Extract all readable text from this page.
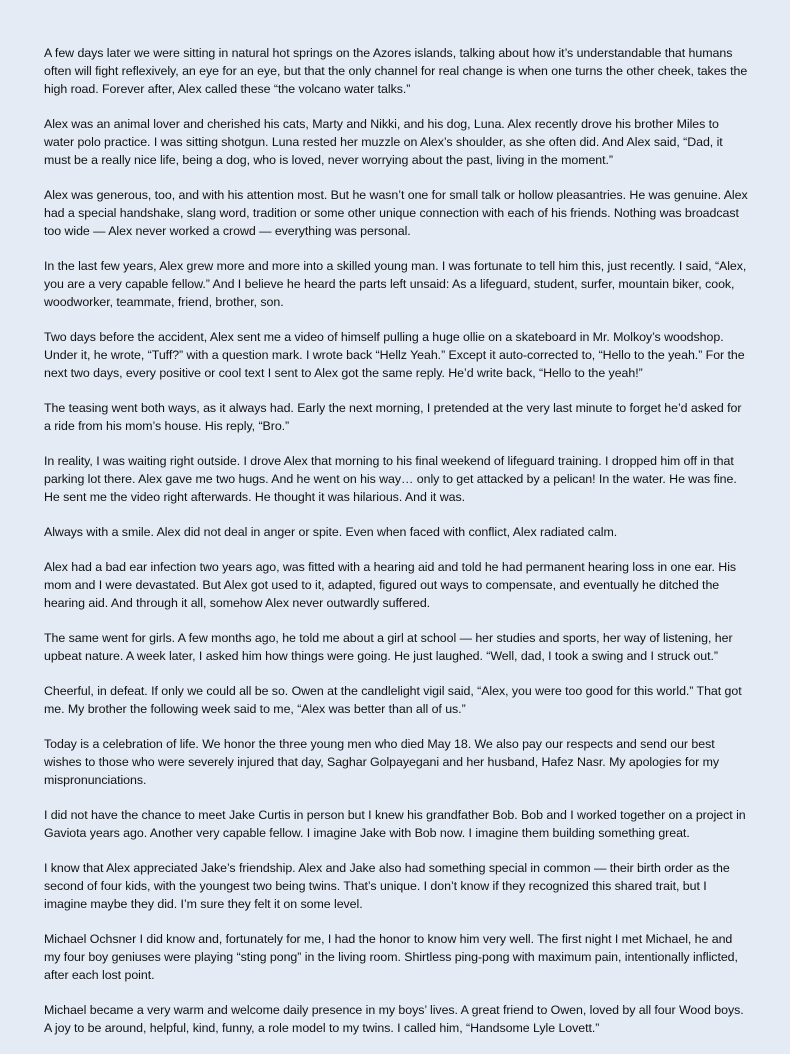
A few days later we were sitting in natural hot springs on the Azores islands, talking about how it’s understandable that humans often will fight reflexively, an eye for an eye, but that the only channel for real change is when one turns the other cheek, takes the high road. Forever after, Alex called these “the volcano water talks.”

Alex was an animal lover and cherished his cats, Marty and Nikki, and his dog, Luna. Alex recently drove his brother Miles to water polo practice. I was sitting shotgun. Luna rested her muzzle on Alex’s shoulder, as she often did. And Alex said, “Dad, it must be a really nice life, being a dog, who is loved, never worrying about the past, living in the moment.”

Alex was generous, too, and with his attention most. But he wasn’t one for small talk or hollow pleasantries. He was genuine. Alex had a special handshake, slang word, tradition or some other unique connection with each of his friends. Nothing was broadcast too wide — Alex never worked a crowd — everything was personal.

In the last few years, Alex grew more and more into a skilled young man. I was fortunate to tell him this, just recently. I said, “Alex, you are a very capable fellow.” And I believe he heard the parts left unsaid: As a lifeguard, student, surfer, mountain biker, cook, woodworker, teammate, friend, brother, son.

Two days before the accident, Alex sent me a video of himself pulling a huge ollie on a skateboard in Mr. Molkoy’s woodshop. Under it, he wrote, “Tuff?” with a question mark. I wrote back “Hellz Yeah.” Except it auto-corrected to, “Hello to the yeah.” For the next two days, every positive or cool text I sent to Alex got the same reply. He’d write back, “Hello to the yeah!”

The teasing went both ways, as it always had. Early the next morning, I pretended at the very last minute to forget he’d asked for a ride from his mom’s house. His reply, “Bro.”

In reality, I was waiting right outside. I drove Alex that morning to his final weekend of lifeguard training. I dropped him off in that parking lot there. Alex gave me two hugs. And he went on his way… only to get attacked by a pelican! In the water. He was fine. He sent me the video right afterwards. He thought it was hilarious. And it was.

Always with a smile. Alex did not deal in anger or spite. Even when faced with conflict, Alex radiated calm.

Alex had a bad ear infection two years ago, was fitted with a hearing aid and told he had permanent hearing loss in one ear. His mom and I were devastated. But Alex got used to it, adapted, figured out ways to compensate, and eventually he ditched the hearing aid. And through it all, somehow Alex never outwardly suffered.

The same went for girls. A few months ago, he told me about a girl at school — her studies and sports, her way of listening, her upbeat nature. A week later, I asked him how things were going. He just laughed. “Well, dad, I took a swing and I struck out.”

Cheerful, in defeat. If only we could all be so. Owen at the candlelight vigil said, “Alex, you were too good for this world.” That got me. My brother the following week said to me, “Alex was better than all of us.”

Today is a celebration of life. We honor the three young men who died May 18. We also pay our respects and send our best wishes to those who were severely injured that day, Saghar Golpayegani and her husband, Hafez Nasr. My apologies for my mispronunciations.

I did not have the chance to meet Jake Curtis in person but I knew his grandfather Bob. Bob and I worked together on a project in Gaviota years ago. Another very capable fellow. I imagine Jake with Bob now. I imagine them building something great.

I know that Alex appreciated Jake’s friendship. Alex and Jake also had something special in common — their birth order as the second of four kids, with the youngest two being twins. That’s unique. I don’t know if they recognized this shared trait, but I imagine maybe they did. I’m sure they felt it on some level.

Michael Ochsner I did know and, fortunately for me, I had the honor to know him very well. The first night I met Michael, he and my four boy geniuses were playing “sting pong” in the living room. Shirtless ping-pong with maximum pain, intentionally inflicted, after each lost point.

Michael became a very warm and welcome daily presence in my boys’ lives. A great friend to Owen, loved by all four Wood boys. A joy to be around, helpful, kind, funny, a role model to my twins. I called him, “Handsome Lyle Lovett.”
